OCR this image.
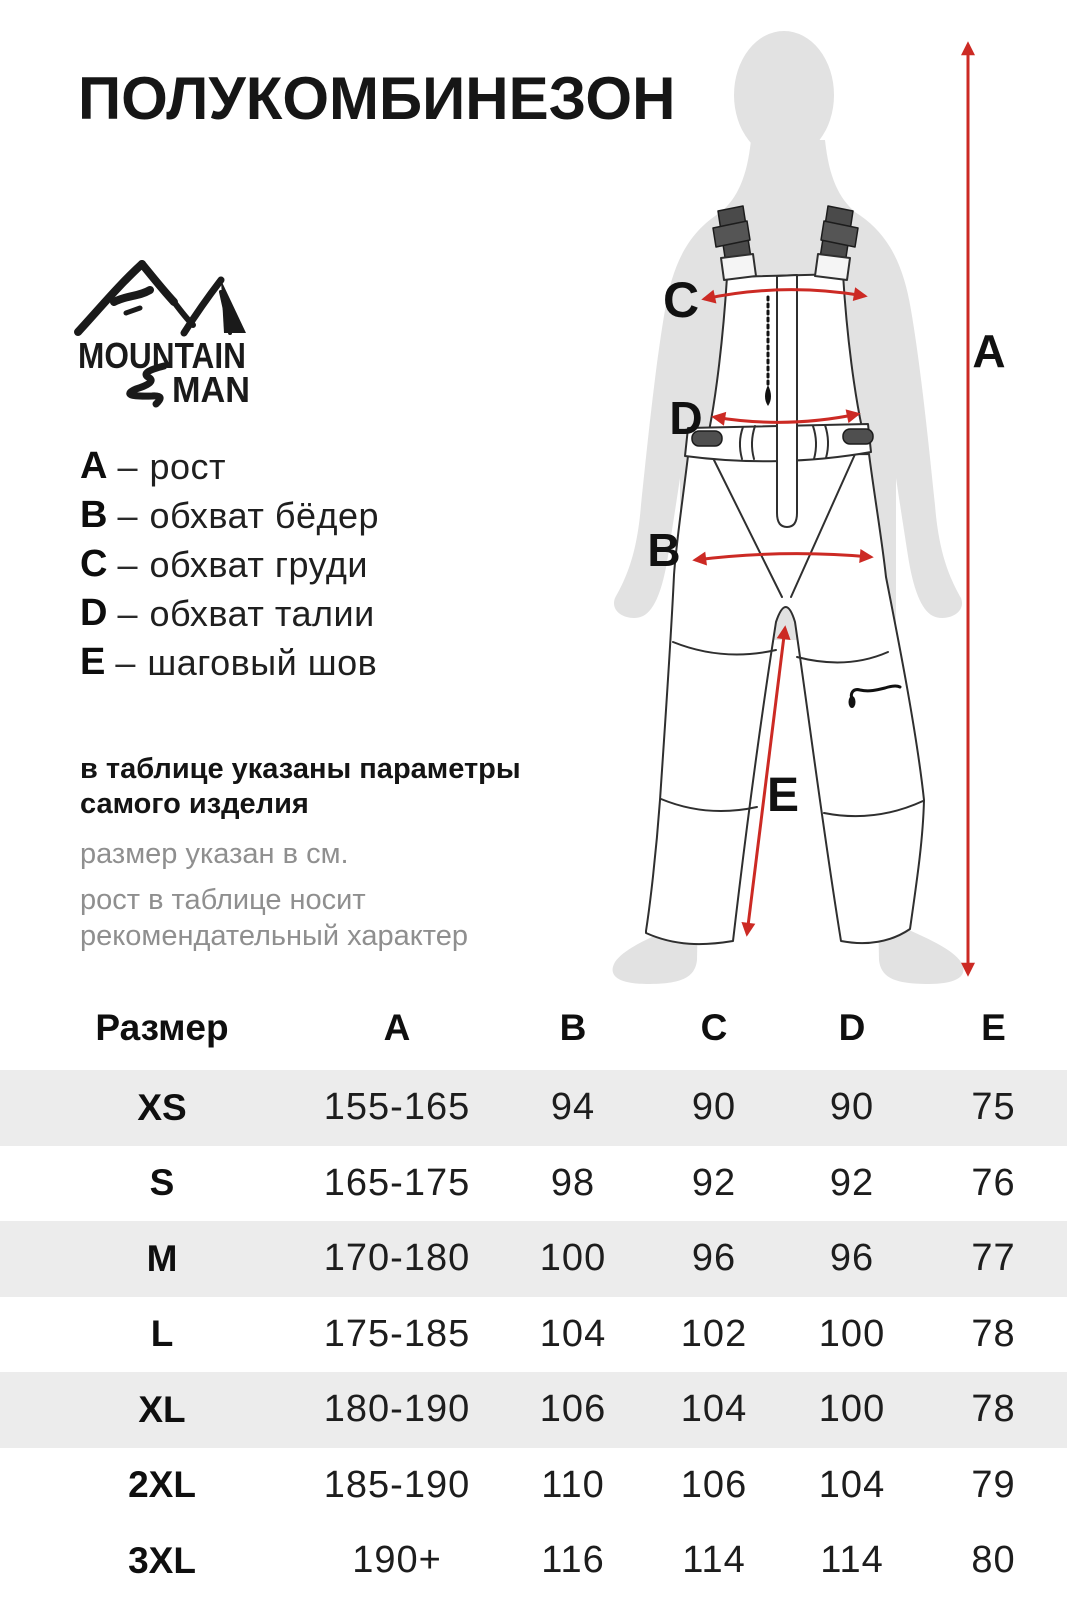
ПОЛУКОМБИНЕЗОН
MOUNTAIN
MAN
A – рост
B – обхват бёдер
C – обхват груди
D – обхват талии
E – шаговый шов
в таблице указаны параметры самого изделия
размер указан в см.
рост в таблице носит рекомендательный характер
A
C
D
B
E
Размер	A	B	C	D	E
XS	155-165	94	90	90	75
S	165-175	98	92	92	76
M	170-180	100	96	96	77
L	175-185	104	102	100	78
XL	180-190	106	104	100	78
2XL	185-190	110	106	104	79
3XL	190+	116	114	114	80
